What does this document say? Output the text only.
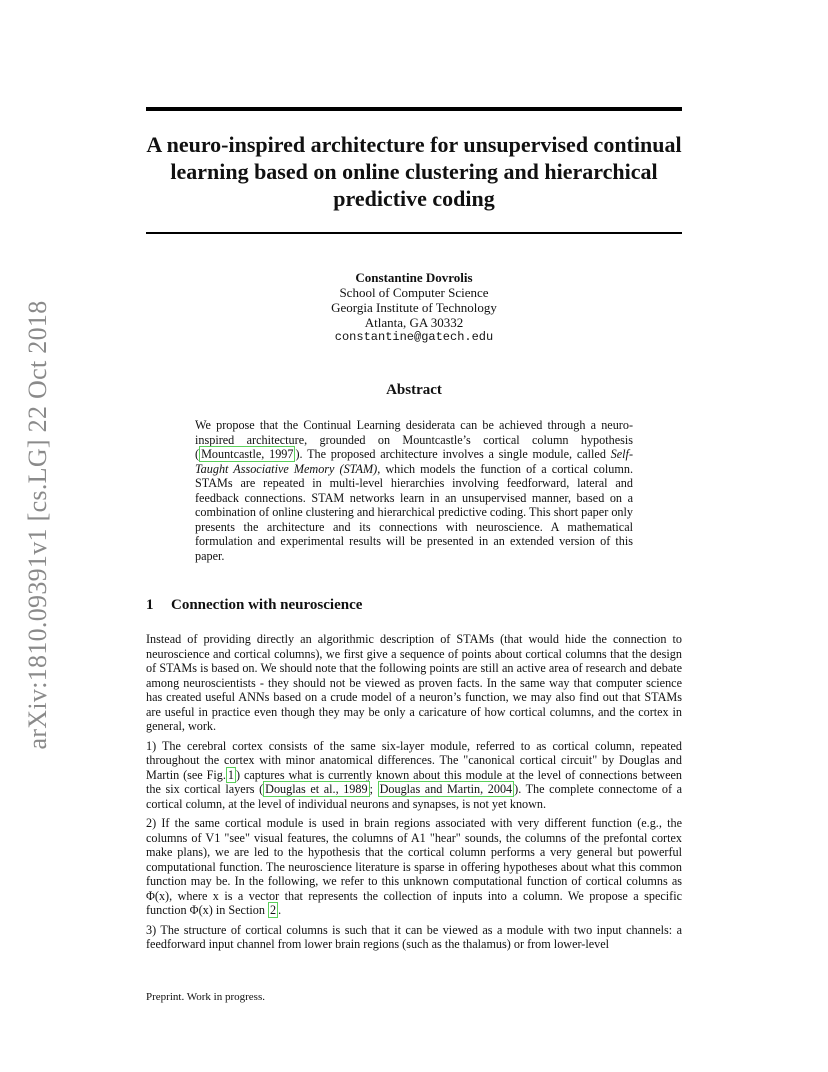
arXiv:1810.09391v1 [cs.LG] 22 Oct 2018
A neuro-inspired architecture for unsupervised continual learning based on online clustering and hierarchical predictive coding
Constantine Dovrolis
School of Computer Science
Georgia Institute of Technology
Atlanta, GA 30332
constantine@gatech.edu
Abstract

We propose that the Continual Learning desiderata can be achieved through a neuro-inspired architecture, grounded on Mountcastle’s cortical column hypothesis ( Mountcastle, 1997 ). The proposed architecture involves a single module, called Self-Taught Associative Memory (STAM), which models the function of a cortical column. STAMs are repeated in multi-level hierarchies involving feedforward, lateral and feedback connections. STAM networks learn in an unsupervised manner, based on a combination of online clustering and hierarchical predictive coding. This short paper only presents the architecture and its connections with neuroscience. A mathematical formulation and experimental results will be presented in an extended version of this paper.

1 Connection with neuroscience

Instead of providing directly an algorithmic description of STAMs (that would hide the connection to neuroscience and cortical columns), we first give a sequence of points about cortical columns that the design of STAMs is based on. We should note that the following points are still an active area of research and debate among neuroscientists - they should not be viewed as proven facts. In the same way that computer science has created useful ANNs based on a crude model of a neuron’s function, we may also find out that STAMs are useful in practice even though they may be only a caricature of how cortical columns, and the cortex in general, work.

1) The cerebral cortex consists of the same six-layer module, referred to as cortical column, repeated throughout the cortex with minor anatomical differences. The "canonical cortical circuit" by Douglas and Martin (see Fig. 1 ) captures what is currently known about this module at the level of connections between the six cortical layers ( Douglas et al., 1989 ; Douglas and Martin, 2004 ). The complete connectome of a cortical column, at the level of individual neurons and synapses, is not yet known.

2) If the same cortical module is used in brain regions associated with very different function (e.g., the columns of V1 "see" visual features, the columns of A1 "hear" sounds, the columns of the prefontal cortex make plans), we are led to the hypothesis that the cortical column performs a very general but powerful computational function. The neuroscience literature is sparse in offering hypotheses about what this common function may be. In the following, we refer to this unknown computational function of cortical columns as Φ(x), where x is a vector that represents the collection of inputs into a column. We propose a specific function Φ(x) in Section 2 .

3) The structure of cortical columns is such that it can be viewed as a module with two input channels: a feedforward input channel from lower brain regions (such as the thalamus) or from lower-level

Preprint. Work in progress.
